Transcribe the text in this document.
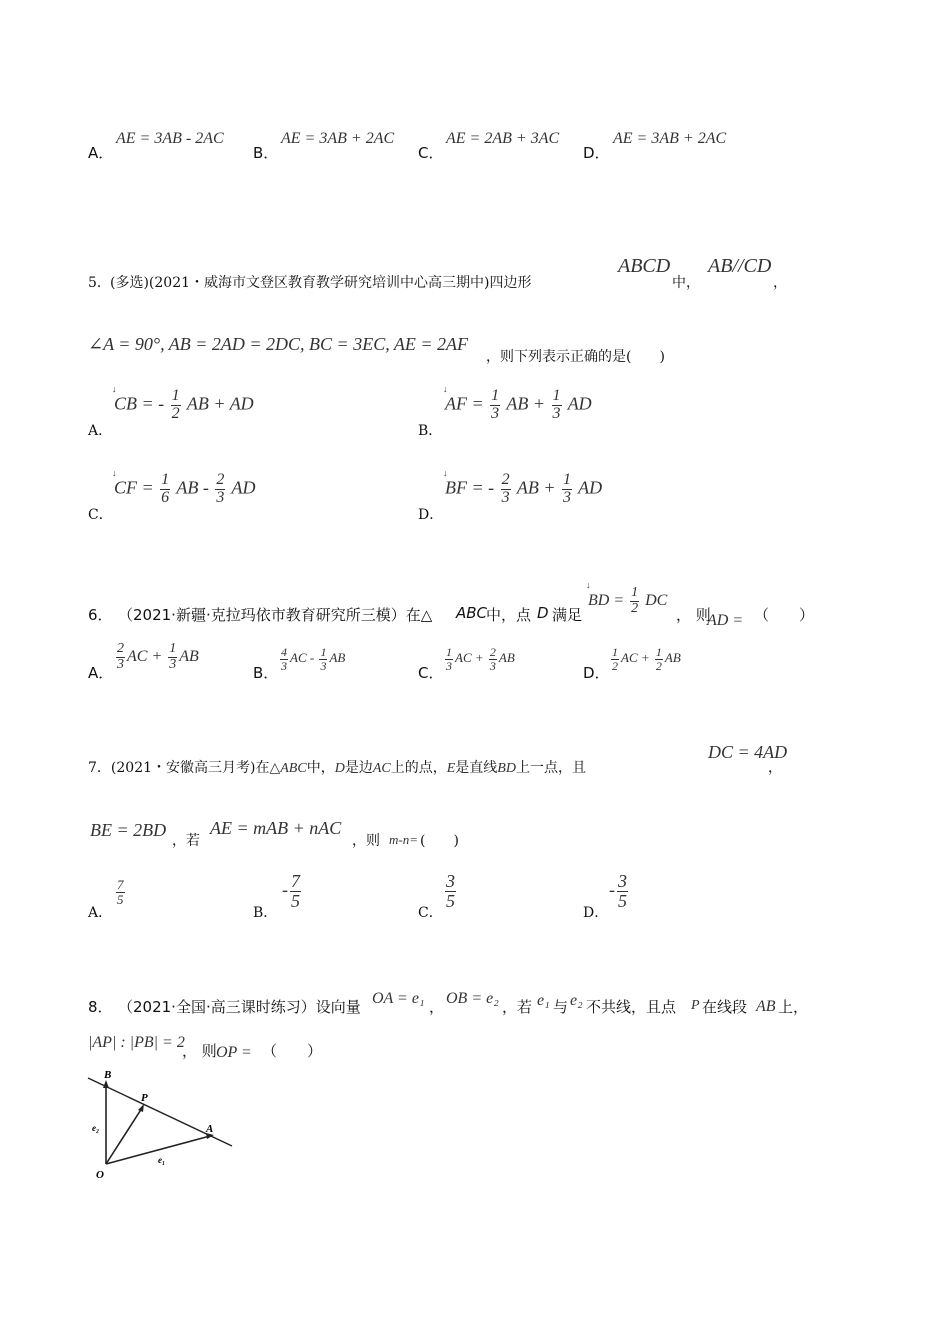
A．
AE = 3AB - 2AC
B．
AE = 3AB + 2AC
C．
AE = 2AB + 3AC
D．
AE = 3AB + 2AC
5． (多选)(2021・威海市文登区教育教学研究培训中心高三期中)四边形
ABCD
中，
AB//CD
，
∠A = 90°, AB = 2AD = 2DC, BC = 3EC, AE = 2AF
，则下列表示正确的是(　　)
A．
↓
CB = - $\frac{1}{2}$ AB + AD
B．
↓
AF = $\frac{1}{3}$ AB + $\frac{1}{3}$ AD
C．
↓
CF = $\frac{1}{6}$ AB - $\frac{2}{3}$ AD
D．
↓
BF = - $\frac{2}{3}$ AB + $\frac{1}{3}$ AD
6． （2021·新疆·克拉玛依市教育研究所三模）在△ ABC
中，点 D 满足
↓
BD = $\frac{1}{2}$ DC
， 则
AD = （　　）
A．
$\frac{2}{3}$ AC + $\frac{1}{3}$ AB
B．
$\frac{4}{3}$ AC - $\frac{1}{3}$ AB
C．
$\frac{1}{3}$ AC + $\frac{2}{3}$ AB
D．
$\frac{1}{2}$ AC + $\frac{1}{2}$ AB
7．(2021・安徽高三月考)在△ABC中，D是边AC上的点，E是直线BD上一点，且
DC = 4AD
，
BE = 2BD
，若
AE = mAB + nAC
，则 m-n= (　　)
A．
$\frac{7}{5}$
B．
- $\frac{7}{5}$
C．
$\frac{3}{5}$
D．
- $\frac{3}{5}$
8． （2021·全国·高三课时练习）设向量 OA = e₁ ， OB = e₂ ，若 e₁ 与 e₂ 不共线，且点 P 在线段 AB 上，
|AP| : |PB| = 2
， 则 OP = （　　）
B
P
A
O
e₁
e₂
